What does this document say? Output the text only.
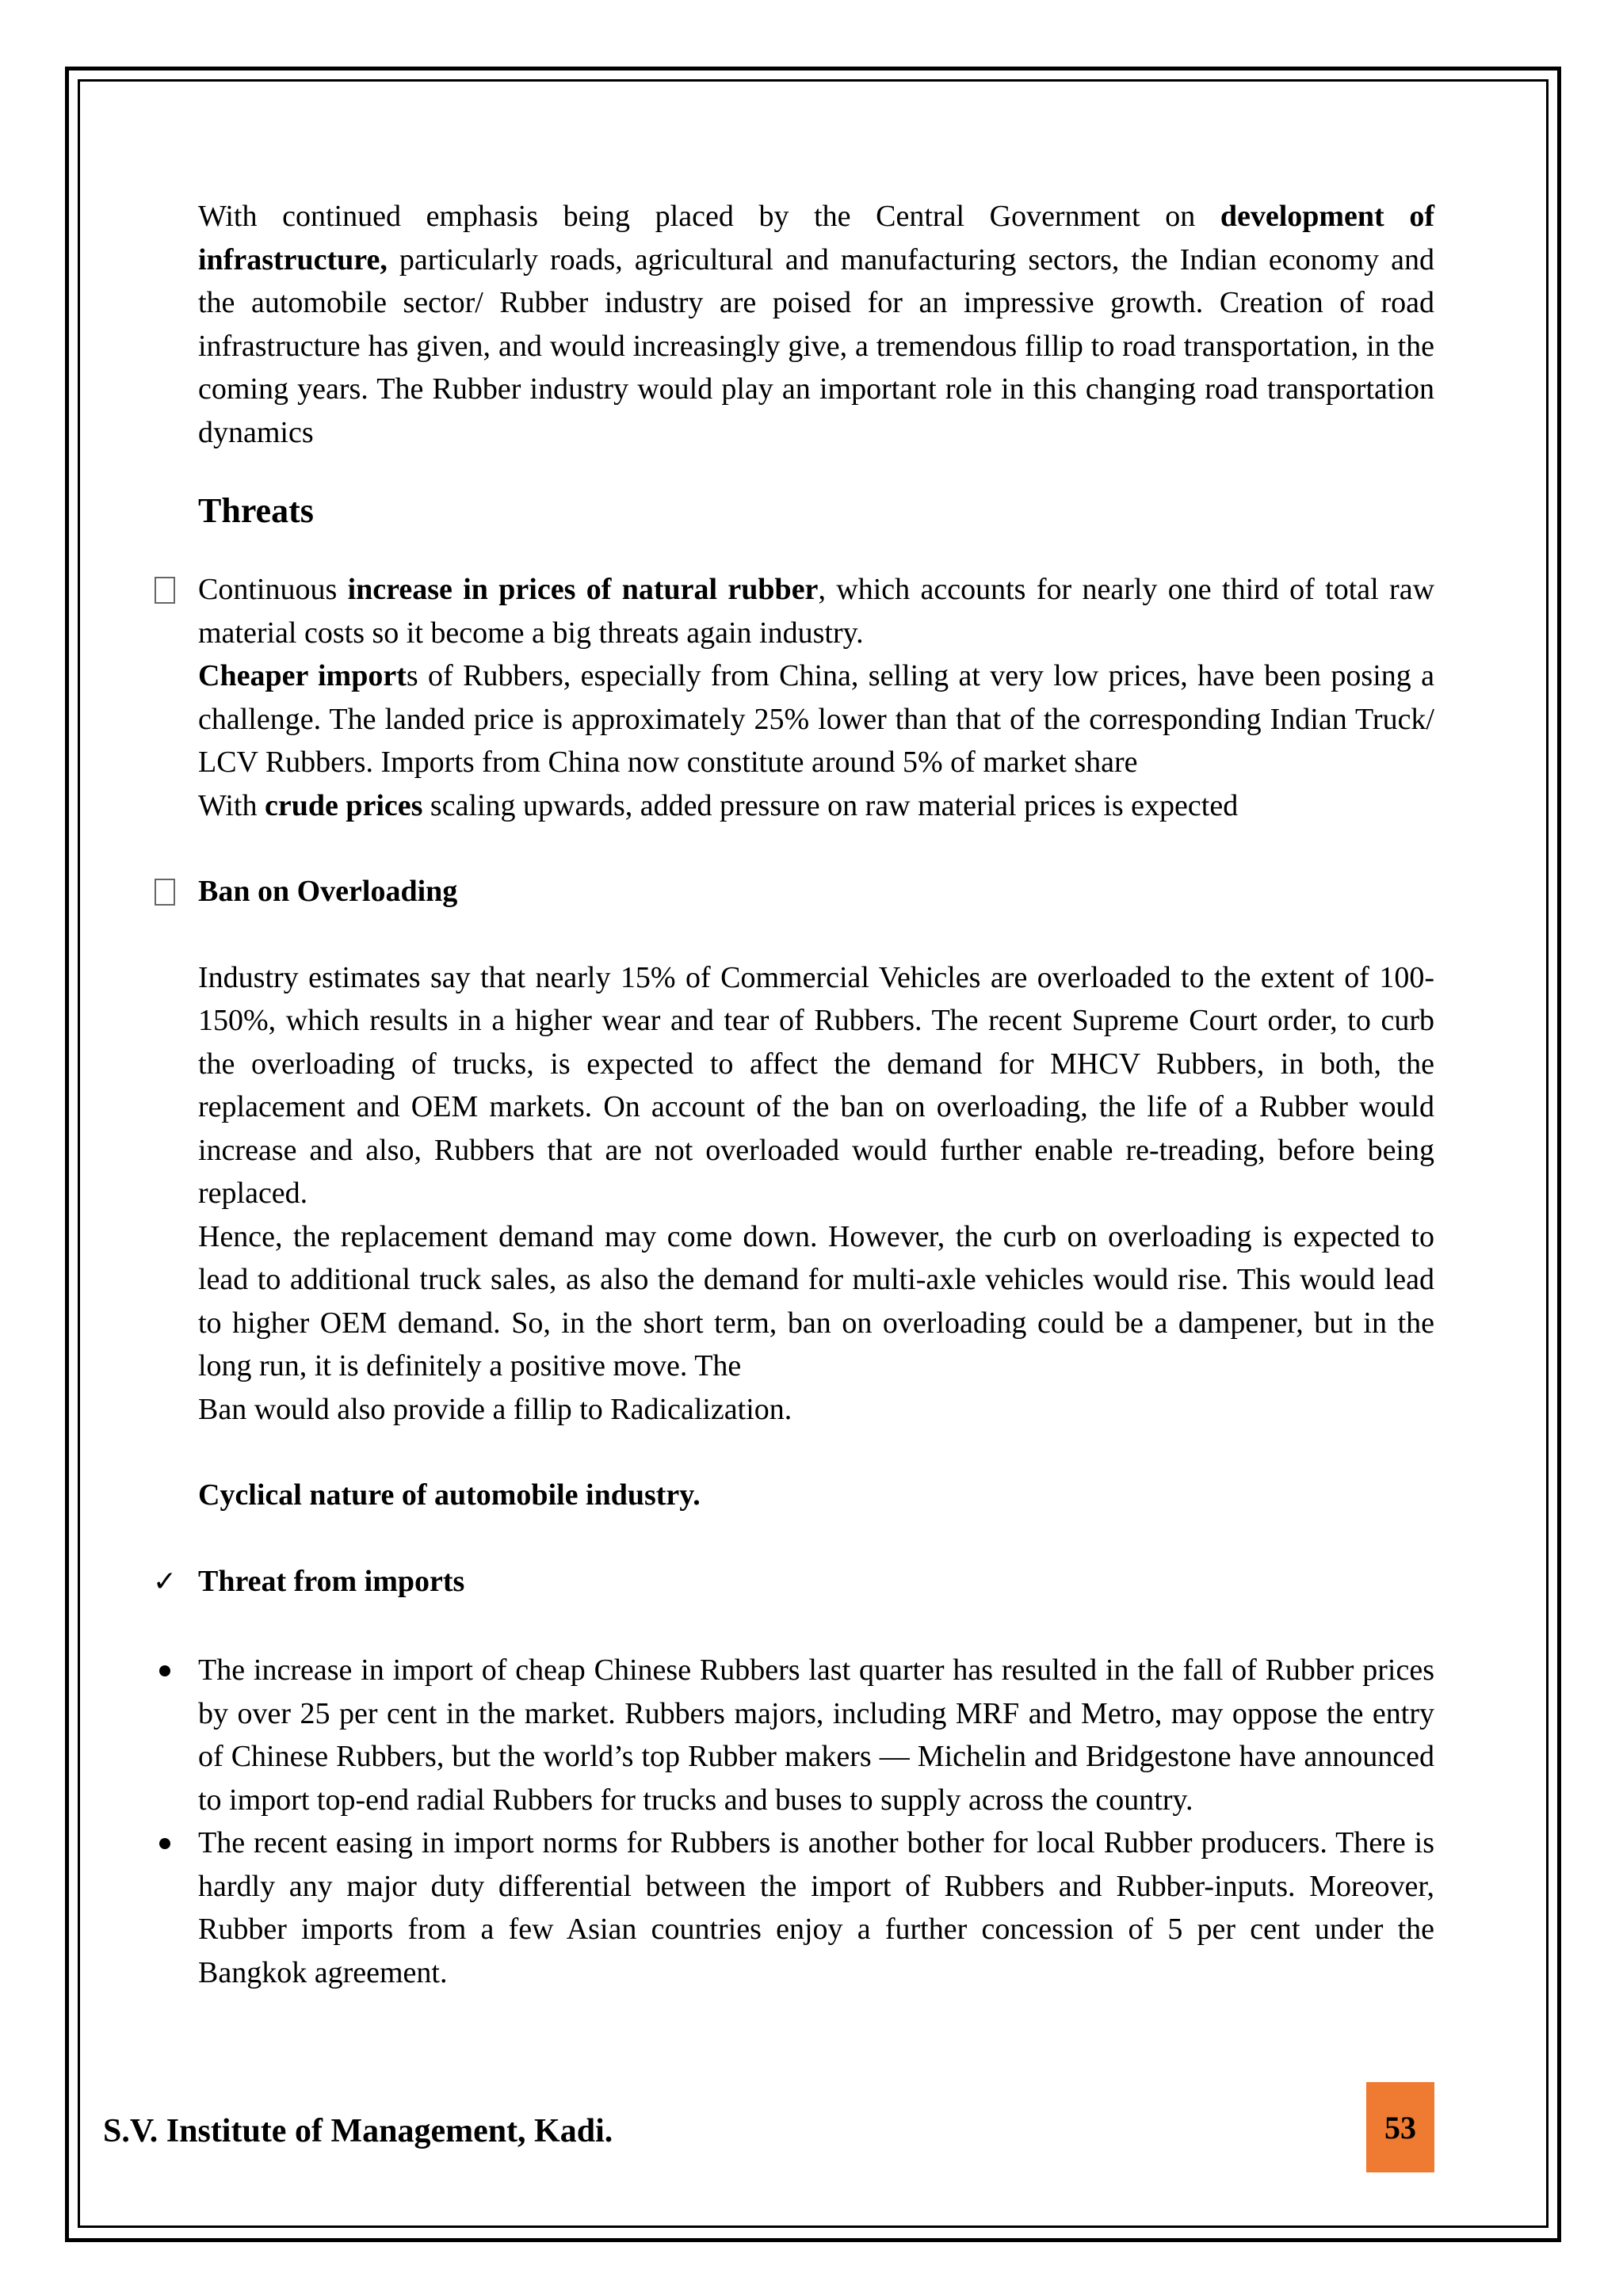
With continued emphasis being placed by the Central Government on development of infrastructure, particularly roads, agricultural and manufacturing sectors, the Indian economy and the automobile sector/ Rubber industry are poised for an impressive growth. Creation of road infrastructure has given, and would increasingly give, a tremendous fillip to road transportation, in the coming years. The Rubber industry would play an important role in this changing road transportation dynamics

Threats

Continuous increase in prices of natural rubber, which accounts for nearly one third of total raw material costs so it become a big threats again industry.

Cheaper imports of Rubbers, especially from China, selling at very low prices, have been posing a challenge. The landed price is approximately 25% lower than that of the corresponding Indian Truck/ LCV Rubbers. Imports from China now constitute around 5% of market share

With crude prices scaling upwards, added pressure on raw material prices is expected

Ban on Overloading

Industry estimates say that nearly 15% of Commercial Vehicles are overloaded to the extent of 100-150%, which results in a higher wear and tear of Rubbers. The recent Supreme Court order, to curb the overloading of trucks, is expected to affect the demand for MHCV Rubbers, in both, the replacement and OEM markets. On account of the ban on overloading, the life of a Rubber would increase and also, Rubbers that are not overloaded would further enable re-treading, before being replaced.

Hence, the replacement demand may come down. However, the curb on overloading is expected to lead to additional truck sales, as also the demand for multi-axle vehicles would rise. This would lead to higher OEM demand. So, in the short term, ban on overloading could be a dampener, but in the long run, it is definitely a positive move. The

Ban would also provide a fillip to Radicalization.

Cyclical nature of automobile industry.

✓ Threat from imports

The increase in import of cheap Chinese Rubbers last quarter has resulted in the fall of Rubber prices by over 25 per cent in the market. Rubbers majors, including MRF and Metro, may oppose the entry of Chinese Rubbers, but the world’s top Rubber makers — Michelin and Bridgestone have announced to import top-end radial Rubbers for trucks and buses to supply across the country.

The recent easing in import norms for Rubbers is another bother for local Rubber producers. There is hardly any major duty differential between the import of Rubbers and Rubber-inputs. Moreover, Rubber imports from a few Asian countries enjoy a further concession of 5 per cent under the Bangkok agreement.

S.V. Institute of Management, Kadi.	53
